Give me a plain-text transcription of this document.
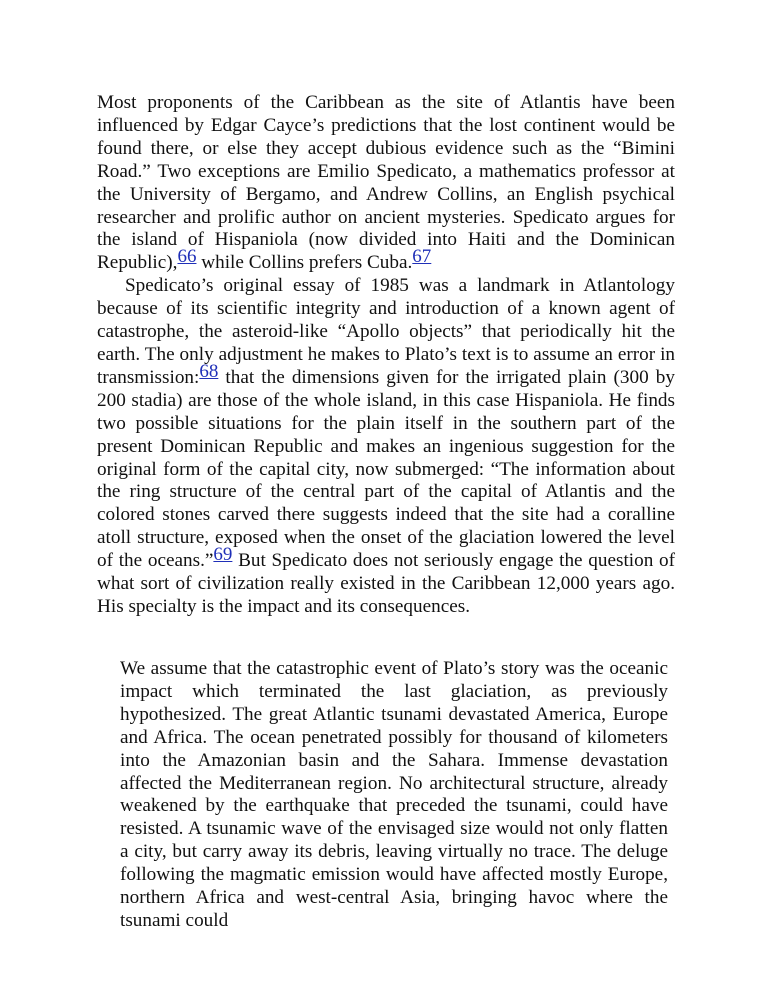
Most proponents of the Caribbean as the site of Atlantis have been influenced by Edgar Cayce’s predictions that the lost continent would be found there, or else they accept dubious evidence such as the “Bimini Road.” Two exceptions are Emilio Spedicato, a mathematics professor at the University of Bergamo, and Andrew Collins, an English psychical researcher and prolific author on ancient mysteries. Spedicato argues for the island of Hispaniola (now divided into Haiti and the Dominican Republic),66 while Collins prefers Cuba.67

Spedicato’s original essay of 1985 was a landmark in Atlantology because of its scientific integrity and introduction of a known agent of catastrophe, the asteroid-like “Apollo objects” that periodically hit the earth. The only adjustment he makes to Plato’s text is to assume an error in transmission:68 that the dimensions given for the irrigated plain (300 by 200 stadia) are those of the whole island, in this case Hispaniola. He finds two possible situations for the plain itself in the southern part of the present Dominican Republic and makes an ingenious suggestion for the original form of the capital city, now submerged: “The information about the ring structure of the central part of the capital of Atlantis and the colored stones carved there suggests indeed that the site had a coralline atoll structure, exposed when the onset of the glaciation lowered the level of the oceans.”69 But Spedicato does not seriously engage the question of what sort of civilization really existed in the Caribbean 12,000 years ago. His specialty is the impact and its consequences.

We assume that the catastrophic event of Plato’s story was the oceanic impact which terminated the last glaciation, as previously hypothesized. The great Atlantic tsunami devastated America, Europe and Africa. The ocean penetrated possibly for thousand of kilometers into the Amazonian basin and the Sahara. Immense devastation affected the Mediterranean region. No architectural structure, already weakened by the earthquake that preceded the tsunami, could have resisted. A tsunamic wave of the envisaged size would not only flatten a city, but carry away its debris, leaving virtually no trace. The deluge following the magmatic emission would have affected mostly Europe, northern Africa and west-central Asia, bringing havoc where the tsunami could
